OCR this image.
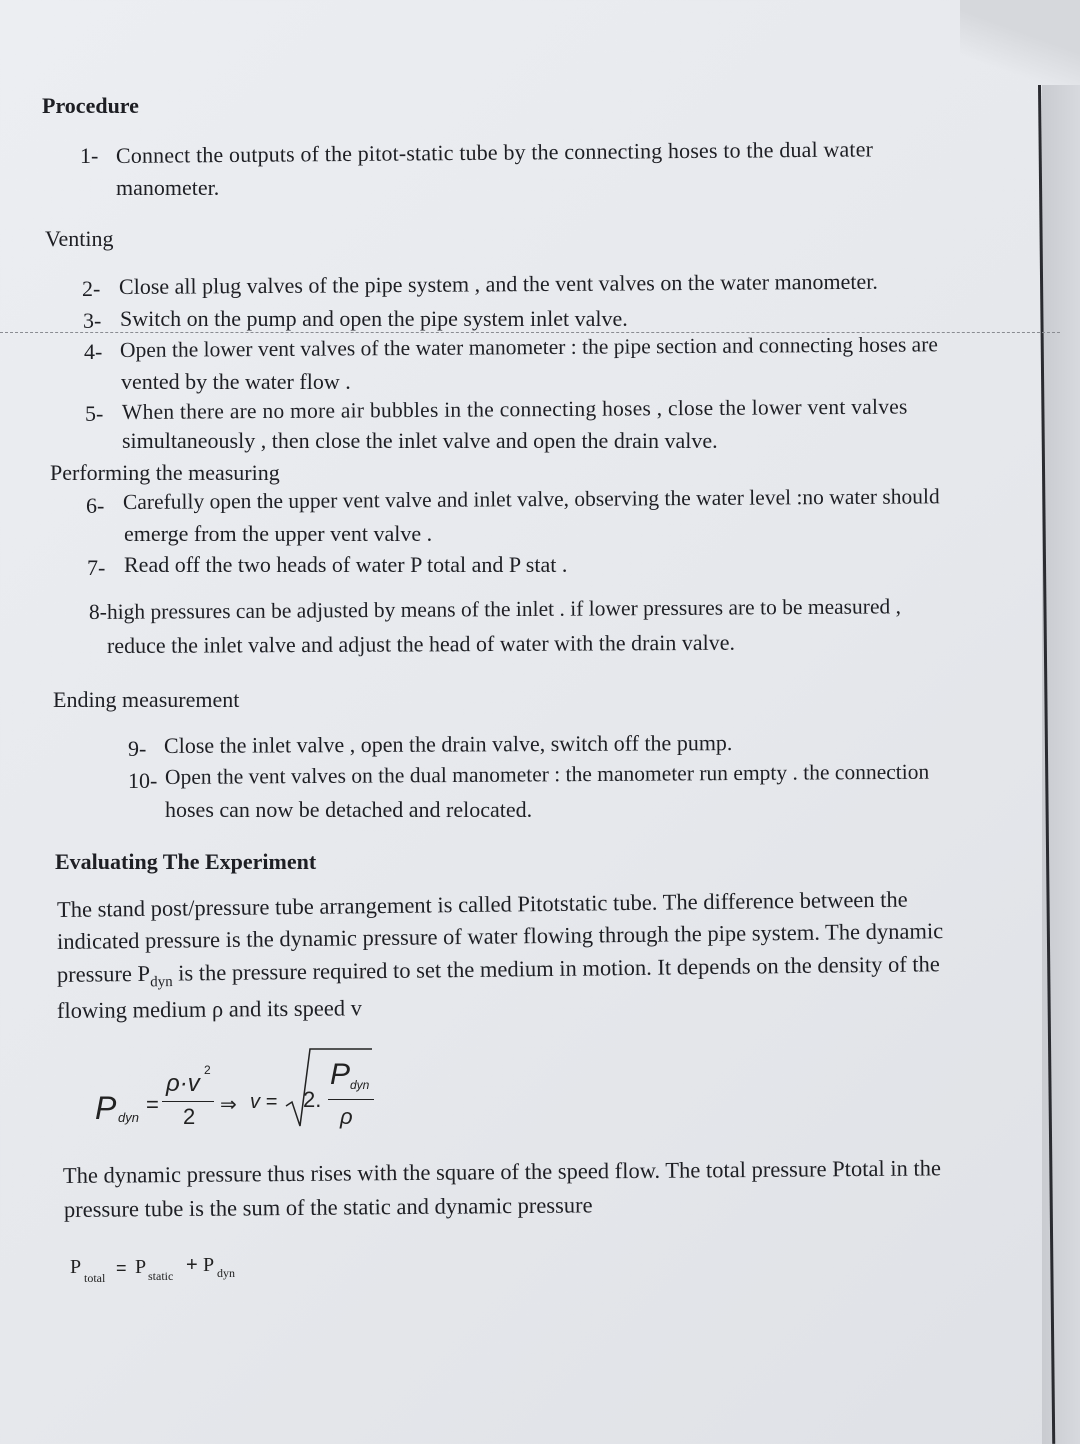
Procedure
1- Connect the outputs of the pitot-static tube by the connecting hoses to the dual water
manometer.
Venting
2- Close all plug valves of the pipe system , and the vent valves on the water manometer.
3- Switch on the pump and open the pipe system inlet valve.
4- Open the lower vent valves of the water manometer : the pipe section and connecting hoses are
vented by the water flow .
5- When there are no more air bubbles in the connecting hoses , close the lower vent valves
simultaneously , then close the inlet valve and open the drain valve.
Performing the measuring
6- Carefully open the upper vent valve and inlet valve, observing the water level :no water should
emerge from the upper vent valve .
7- Read off the two heads of water P total and P stat .
8-high pressures can be adjusted by means of the inlet . if lower pressures are to be measured ,
reduce the inlet valve and adjust the head of water with the drain valve.
Ending measurement
9- Close the inlet valve , open the drain valve, switch off the pump.
10- Open the vent valves on the dual manometer : the manometer run empty . the connection
hoses can now be detached and relocated.
Evaluating The Experiment
The stand post/pressure tube arrangement is called Pitotstatic tube. The difference between the
indicated pressure is the dynamic pressure of water flowing through the pipe system. The dynamic
pressure $P_{dyn}$ is the pressure required to set the medium in motion. It depends on the density of the
flowing medium ρ and its speed v
P dyn
=
ρ·v 2
2 ⇒ v = 2.
P dyn
ρ
The dynamic pressure thus rises with the square of the speed flow. The total pressure Ptotal in the
pressure tube is the sum of the static and dynamic pressure
P total = P static + P dyn
